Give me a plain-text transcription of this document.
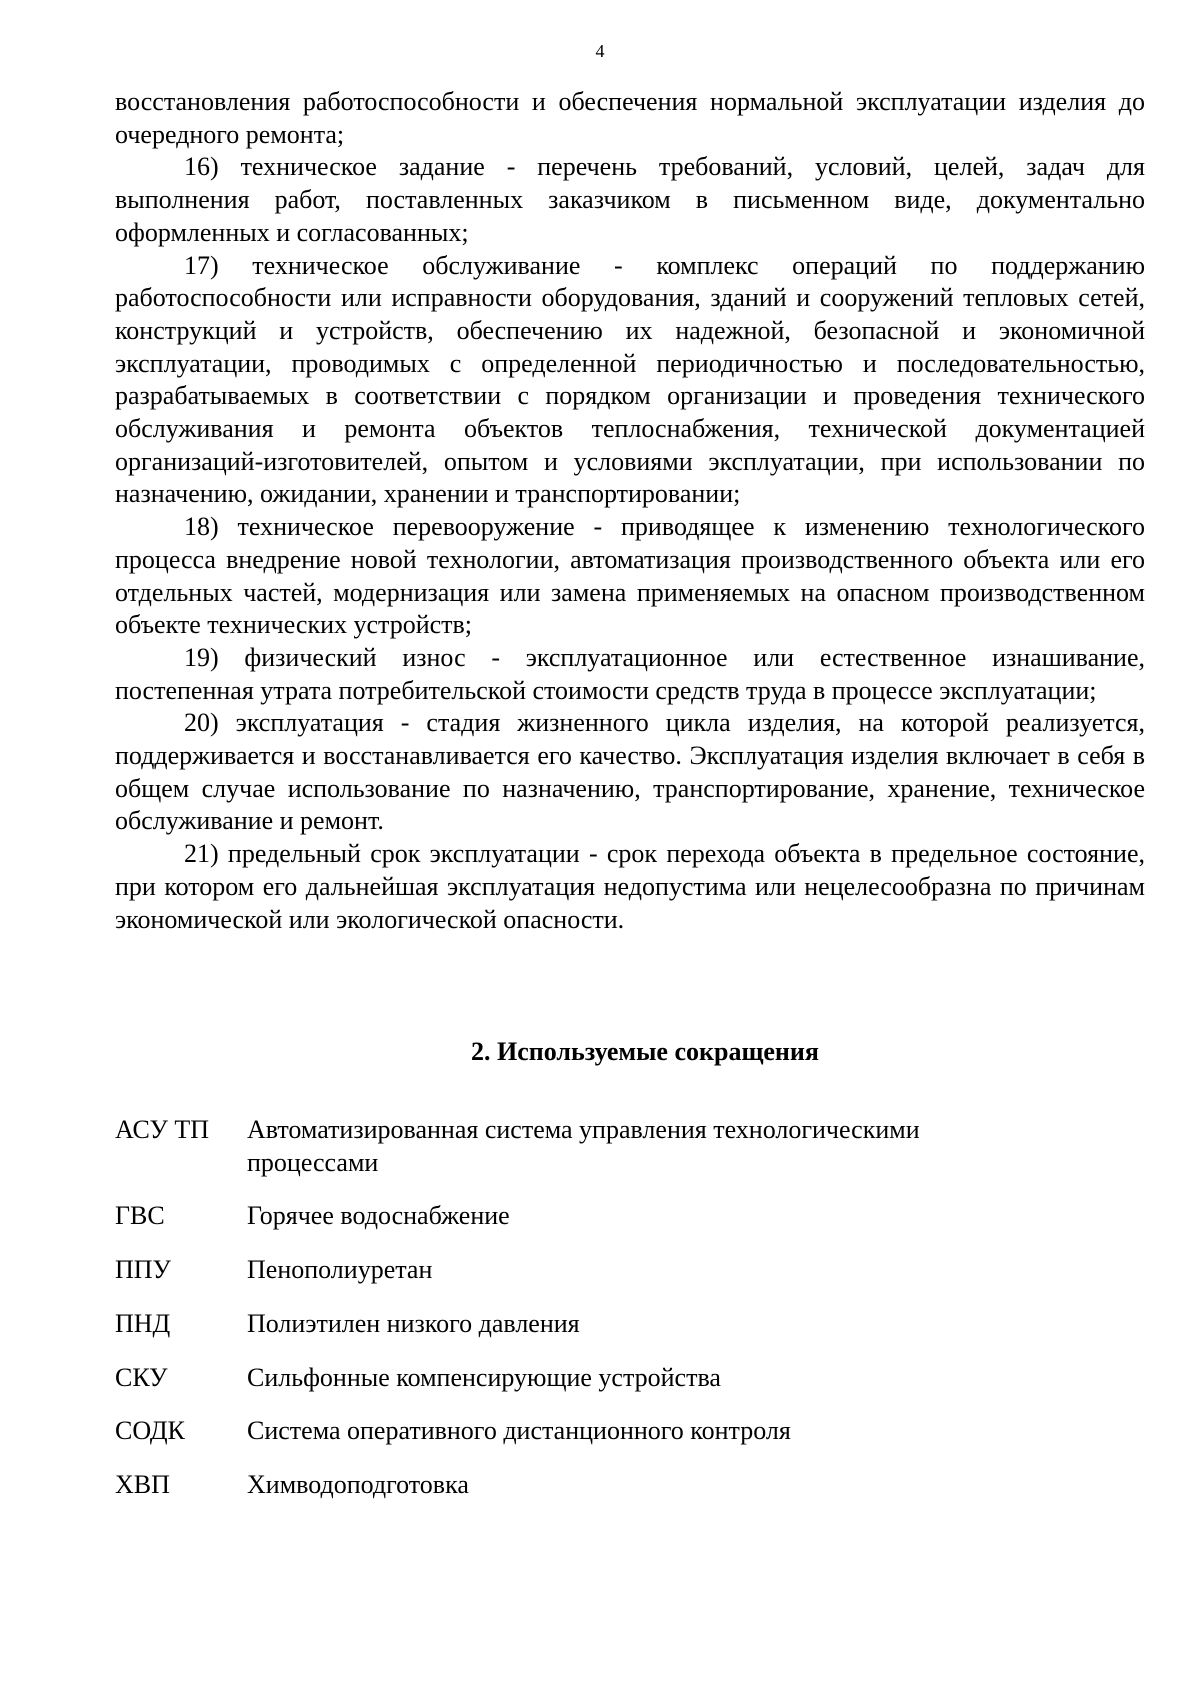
4

восстановления работоспособности и обеспечения нормальной эксплуатации изделия до очередного ремонта;

16) техническое задание - перечень требований, условий, целей, задач для выполнения работ, поставленных заказчиком в письменном виде, документально оформленных и согласованных;

17) техническое обслуживание - комплекс операций по поддержанию работоспособности или исправности оборудования, зданий и сооружений тепловых сетей, конструкций и устройств, обеспечению их надежной, безопасной и экономичной эксплуатации, проводимых с определенной периодичностью и последовательностью, разрабатываемых в соответствии с порядком организации и проведения технического обслуживания и ремонта объектов теплоснабжения, технической документацией организаций-изготовителей, опытом и условиями эксплуатации, при использовании по назначению, ожидании, хранении и транспортировании;

18) техническое перевооружение - приводящее к изменению технологического процесса внедрение новой технологии, автоматизация производственного объекта или его отдельных частей, модернизация или замена применяемых на опасном производственном объекте технических устройств;

19) физический износ - эксплуатационное или естественное изнашивание, постепенная утрата потребительской стоимости средств труда в процессе эксплуатации;

20) эксплуатация - стадия жизненного цикла изделия, на которой реализуется, поддерживается и восстанавливается его качество. Эксплуатация изделия включает в себя в общем случае использование по назначению, транспортирование, хранение, техническое обслуживание и ремонт.

21) предельный срок эксплуатации - срок перехода объекта в предельное состояние, при котором его дальнейшая эксплуатация недопустима или нецелесообразна по причинам экономической или экологической опасности.

2. Используемые сокращения
АСУ ТП	Автоматизированная система управления технологическими процессами
ГВС	Горячее водоснабжение
ППУ	Пенополиуретан
ПНД	Полиэтилен низкого давления
СКУ	Сильфонные компенсирующие устройства
СОДК	Система оперативного дистанционного контроля
ХВП	Химводоподготовка
